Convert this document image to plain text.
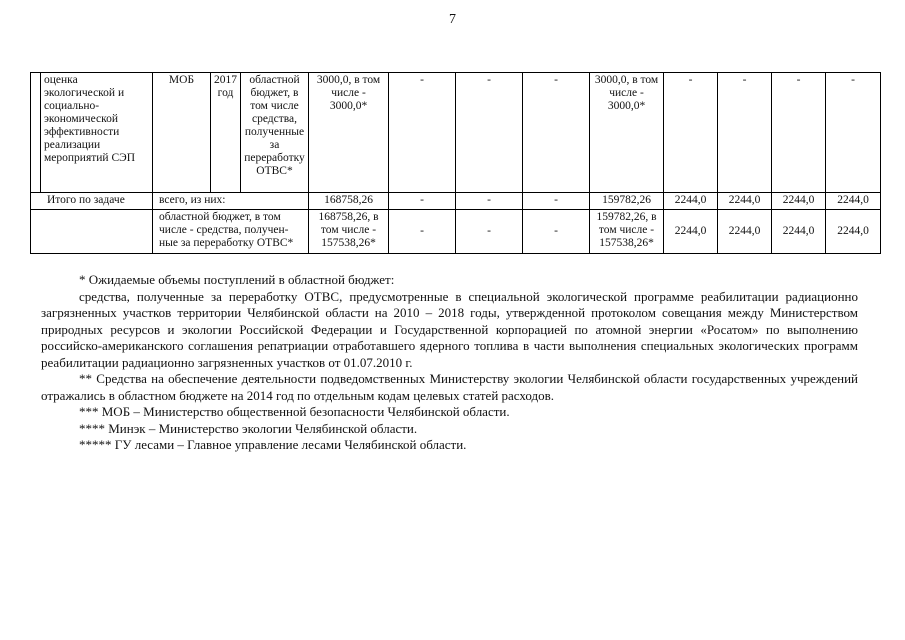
7
	оценка экологической и социально-экономической эффективности реализации мероприятий СЭП	МОБ	2017 год	областной бюджет, в том числе средства, полученные за переработку ОТВС*	3000,0, в том числе - 3000,0*	-	-	-	3000,0, в том числе - 3000,0*	-	-	-	-
Итого по задаче		всего, из них:			168758,26	-	-	-	159782,26	2244,0	2244,0	2244,0	2244,0
		областной бюджет, в том числе - средства, получен-ные за переработку ОТВС*			168758,26, в том числе - 157538,26*	-	-	-	159782,26, в том числе - 157538,26*	2244,0	2244,0	2244,0	2244,0

* Ожидаемые объемы поступлений в областной бюджет:

средства, полученные за переработку ОТВС, предусмотренные в специальной экологической программе реабилитации радиационно загрязненных участков территории Челябинской области на 2010 – 2018 годы, утвержденной протоколом совещания между Министерством природных ресурсов и экологии Российской Федерации и Государственной корпорацией по атомной энергии «Росатом» по выполнению российско-американского соглашения репатриации отработавшего ядерного топлива в части выполнения специальных экологических программ реабилитации радиационно загрязненных участков от 01.07.2010 г.

** Средства на обеспечение деятельности подведомственных Министерству экологии Челябинской области государственных учреждений отражались в областном бюджете на 2014 год по отдельным кодам целевых статей расходов.

*** МОБ – Министерство общественной безопасности Челябинской области.

**** Минэк – Министерство экологии Челябинской области.

***** ГУ лесами – Главное управление лесами Челябинской области.
